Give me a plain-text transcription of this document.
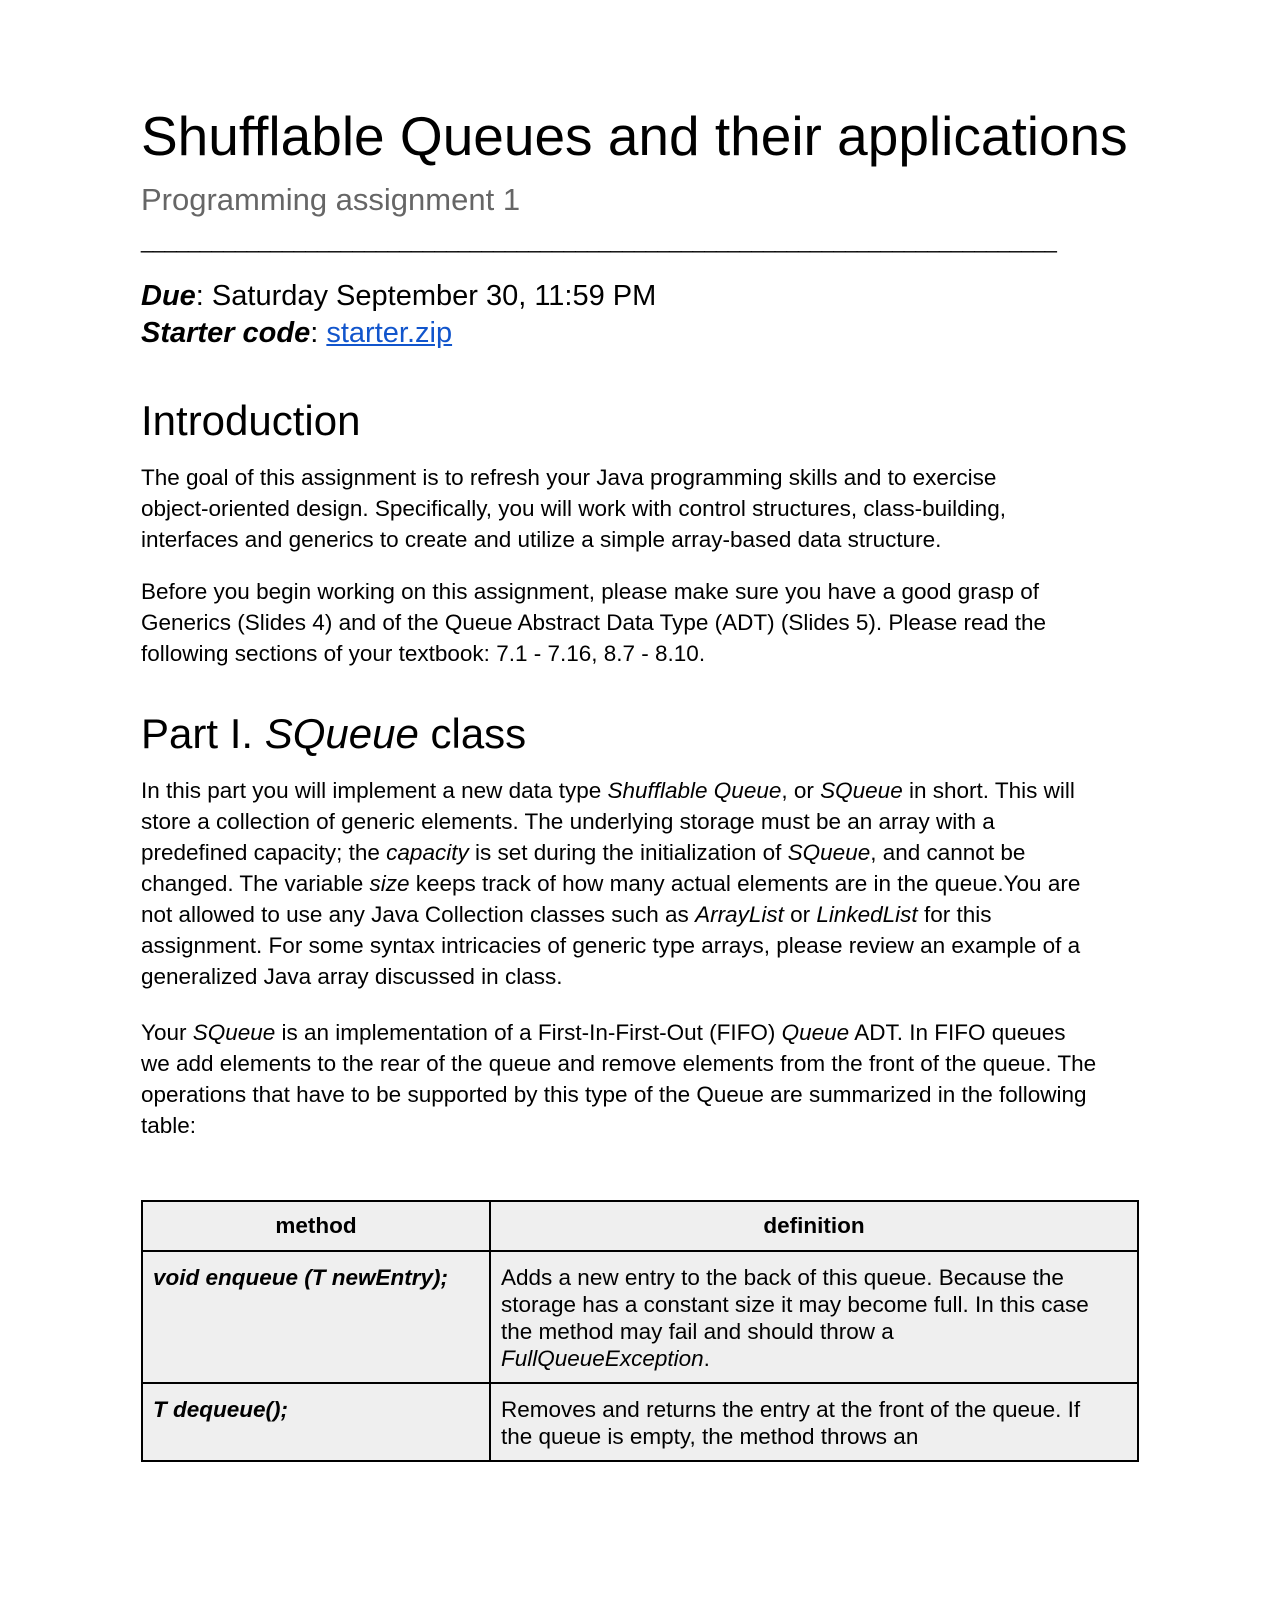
Shufflable Queues and their applications
Programming assignment 1
______________________________________________________________________________
Due: Saturday September 30, 11:59 PM
Starter code: starter.zip
Introduction
The goal of this assignment is to refresh your Java programming skills and to exercise
object-oriented design. Specifically, you will work with control structures, class-building,
interfaces and generics to create and utilize a simple array-based data structure.
Before you begin working on this assignment, please make sure you have a good grasp of
Generics (Slides 4) and of the Queue Abstract Data Type (ADT) (Slides 5). Please read the
following sections of your textbook: 7.1 - 7.16, 8.7 - 8.10.
Part I. SQueue class
In this part you will implement a new data type Shufflable Queue, or SQueue in short. This will
store a collection of generic elements. The underlying storage must be an array with a
predefined capacity; the capacity is set during the initialization of SQueue, and cannot be
changed. The variable size keeps track of how many actual elements are in the queue.You are
not allowed to use any Java Collection classes such as ArrayList or LinkedList for this
assignment. For some syntax intricacies of generic type arrays, please review an example of a
generalized Java array discussed in class.
Your SQueue is an implementation of a First-In-First-Out (FIFO) Queue ADT. In FIFO queues
we add elements to the rear of the queue and remove elements from the front of the queue. The
operations that have to be supported by this type of the Queue are summarized in the following
table:
method	definition
void enqueue (T newEntry);	Adds a new entry to the back of this queue. Because the
storage has a constant size it may become full. In this case
the method may fail and should throw a
FullQueueException.

T dequeue();	Removes and returns the entry at the front of the queue. If
the queue is empty, the method throws an
